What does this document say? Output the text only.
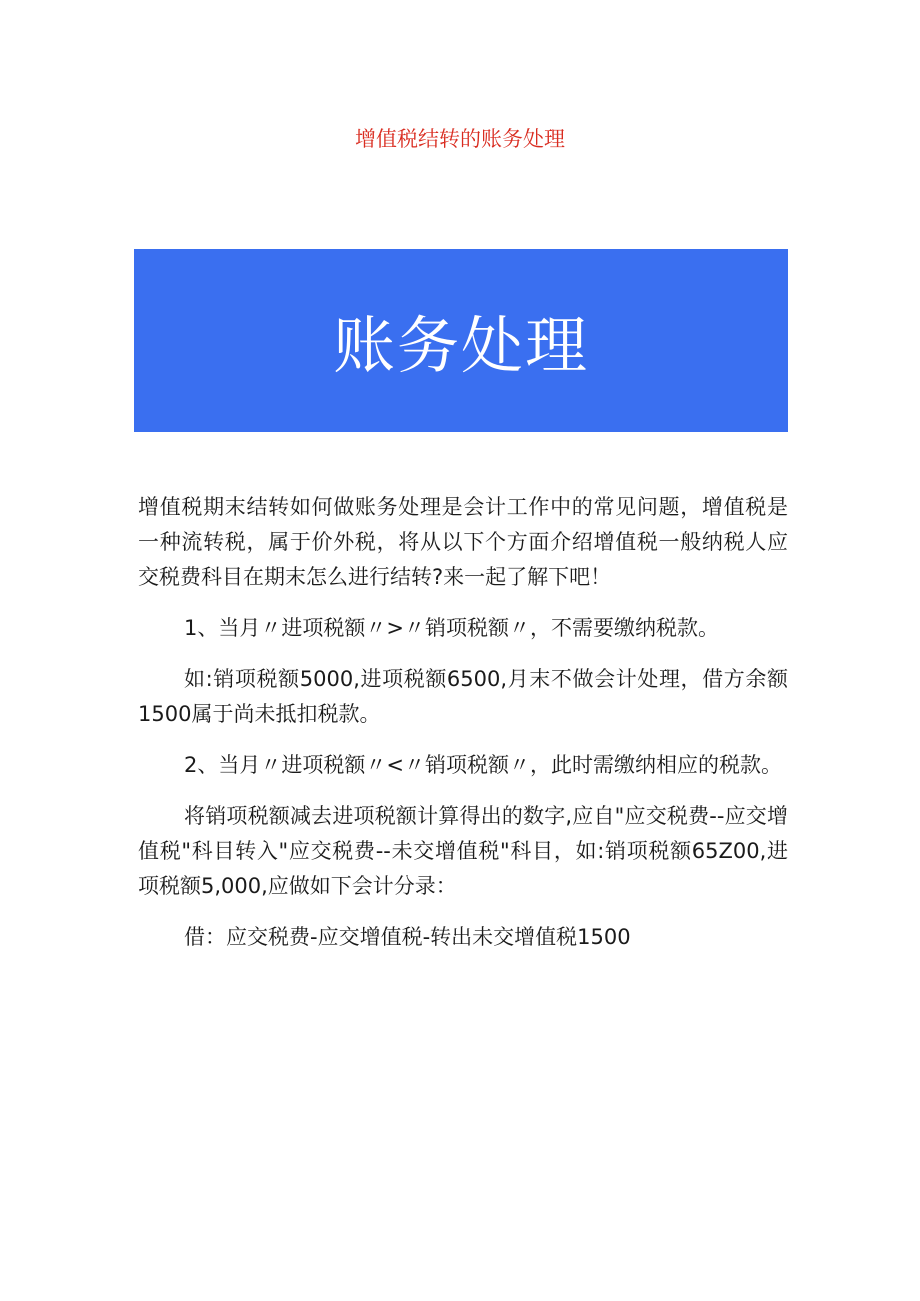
增值税结转的账务处理
账务处理

增值税期末结转如何做账务处理是会计工作中的常见问题，增值税是一种流转税，属于价外税，将从以下个方面介绍增值税一般纳税人应交税费科目在期末怎么进行结转?来一起了解下吧！

1、当月〃进项税额〃>〃销项税额〃，不需要缴纳税款。

如:销项税额5000,进项税额6500,月末不做会计处理，借方余额1500属于尚未抵扣税款。

2、当月〃进项税额〃<〃销项税额〃，此时需缴纳相应的税款。

将销项税额减去进项税额计算得出的数字,应自"应交税费--应交增值税"科目转入"应交税费--未交增值税"科目，如:销项税额65Z00,进项税额5,000,应做如下会计分录：

借：应交税费-应交增值税-转出未交增值税1500
